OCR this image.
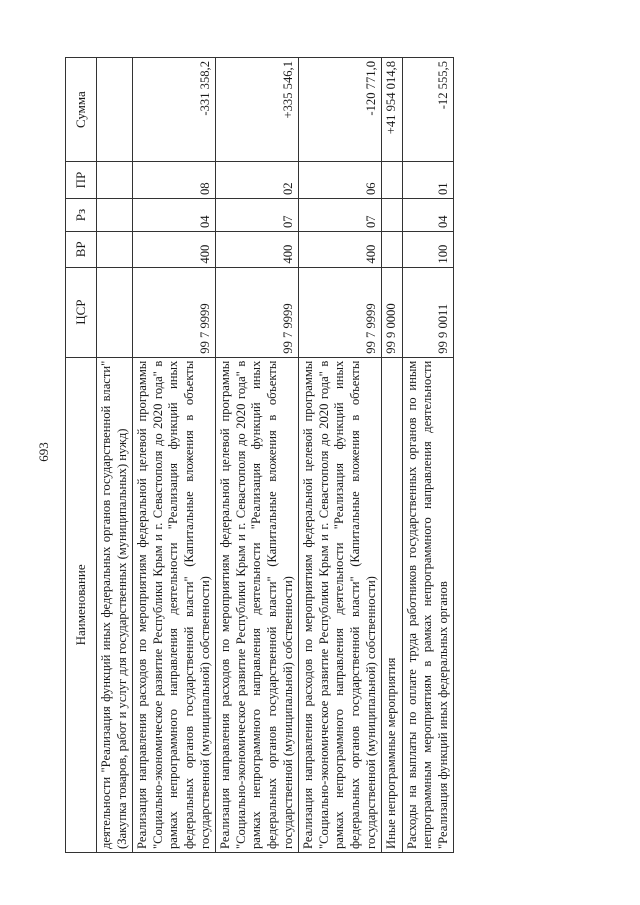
693
Наименование	ЦСР	ВР	Рз	ПР	Сумма
деятельности "Реализация функций иных федеральных органов государственной власти" (Закупка товаров, работ и услуг для государственных (муниципальных) нужд)					
Реализация направления расходов по мероприятиям федеральной целевой программы "Социально-экономическое развитие Республики Крым и г. Севастополя до 2020 года" в рамках непрограммного направления деятельности "Реализация функций иных федеральных органов государственной власти" (Капитальные вложения в объекты государственной (муниципальной) собственности)	99 7 9999	400	04	08	-331 358,2
Реализация направления расходов по мероприятиям федеральной целевой программы "Социально-экономическое развитие Республики Крым и г. Севастополя до 2020 года" в рамках непрограммного направления деятельности "Реализация функций иных федеральных органов государственной власти" (Капитальные вложения в объекты государственной (муниципальной) собственности)	99 7 9999	400	07	02	+335 546,1
Реализация направления расходов по мероприятиям федеральной целевой программы "Социально-экономическое развитие Республики Крым и г. Севастополя до 2020 года" в рамках непрограммного направления деятельности "Реализация функций иных федеральных органов государственной власти" (Капитальные вложения в объекты государственной (муниципальной) собственности)	99 7 9999	400	07	06	-120 771,0
Иные непрограммные мероприятия	99 9 0000				+41 954 014,8
Расходы на выплаты по оплате труда работников государственных органов по иным непрограммным мероприятиям в рамках непрограммного направления деятельности "Реализация функций иных федеральных органов	99 9 0011	100	04	01	-12 555,5
